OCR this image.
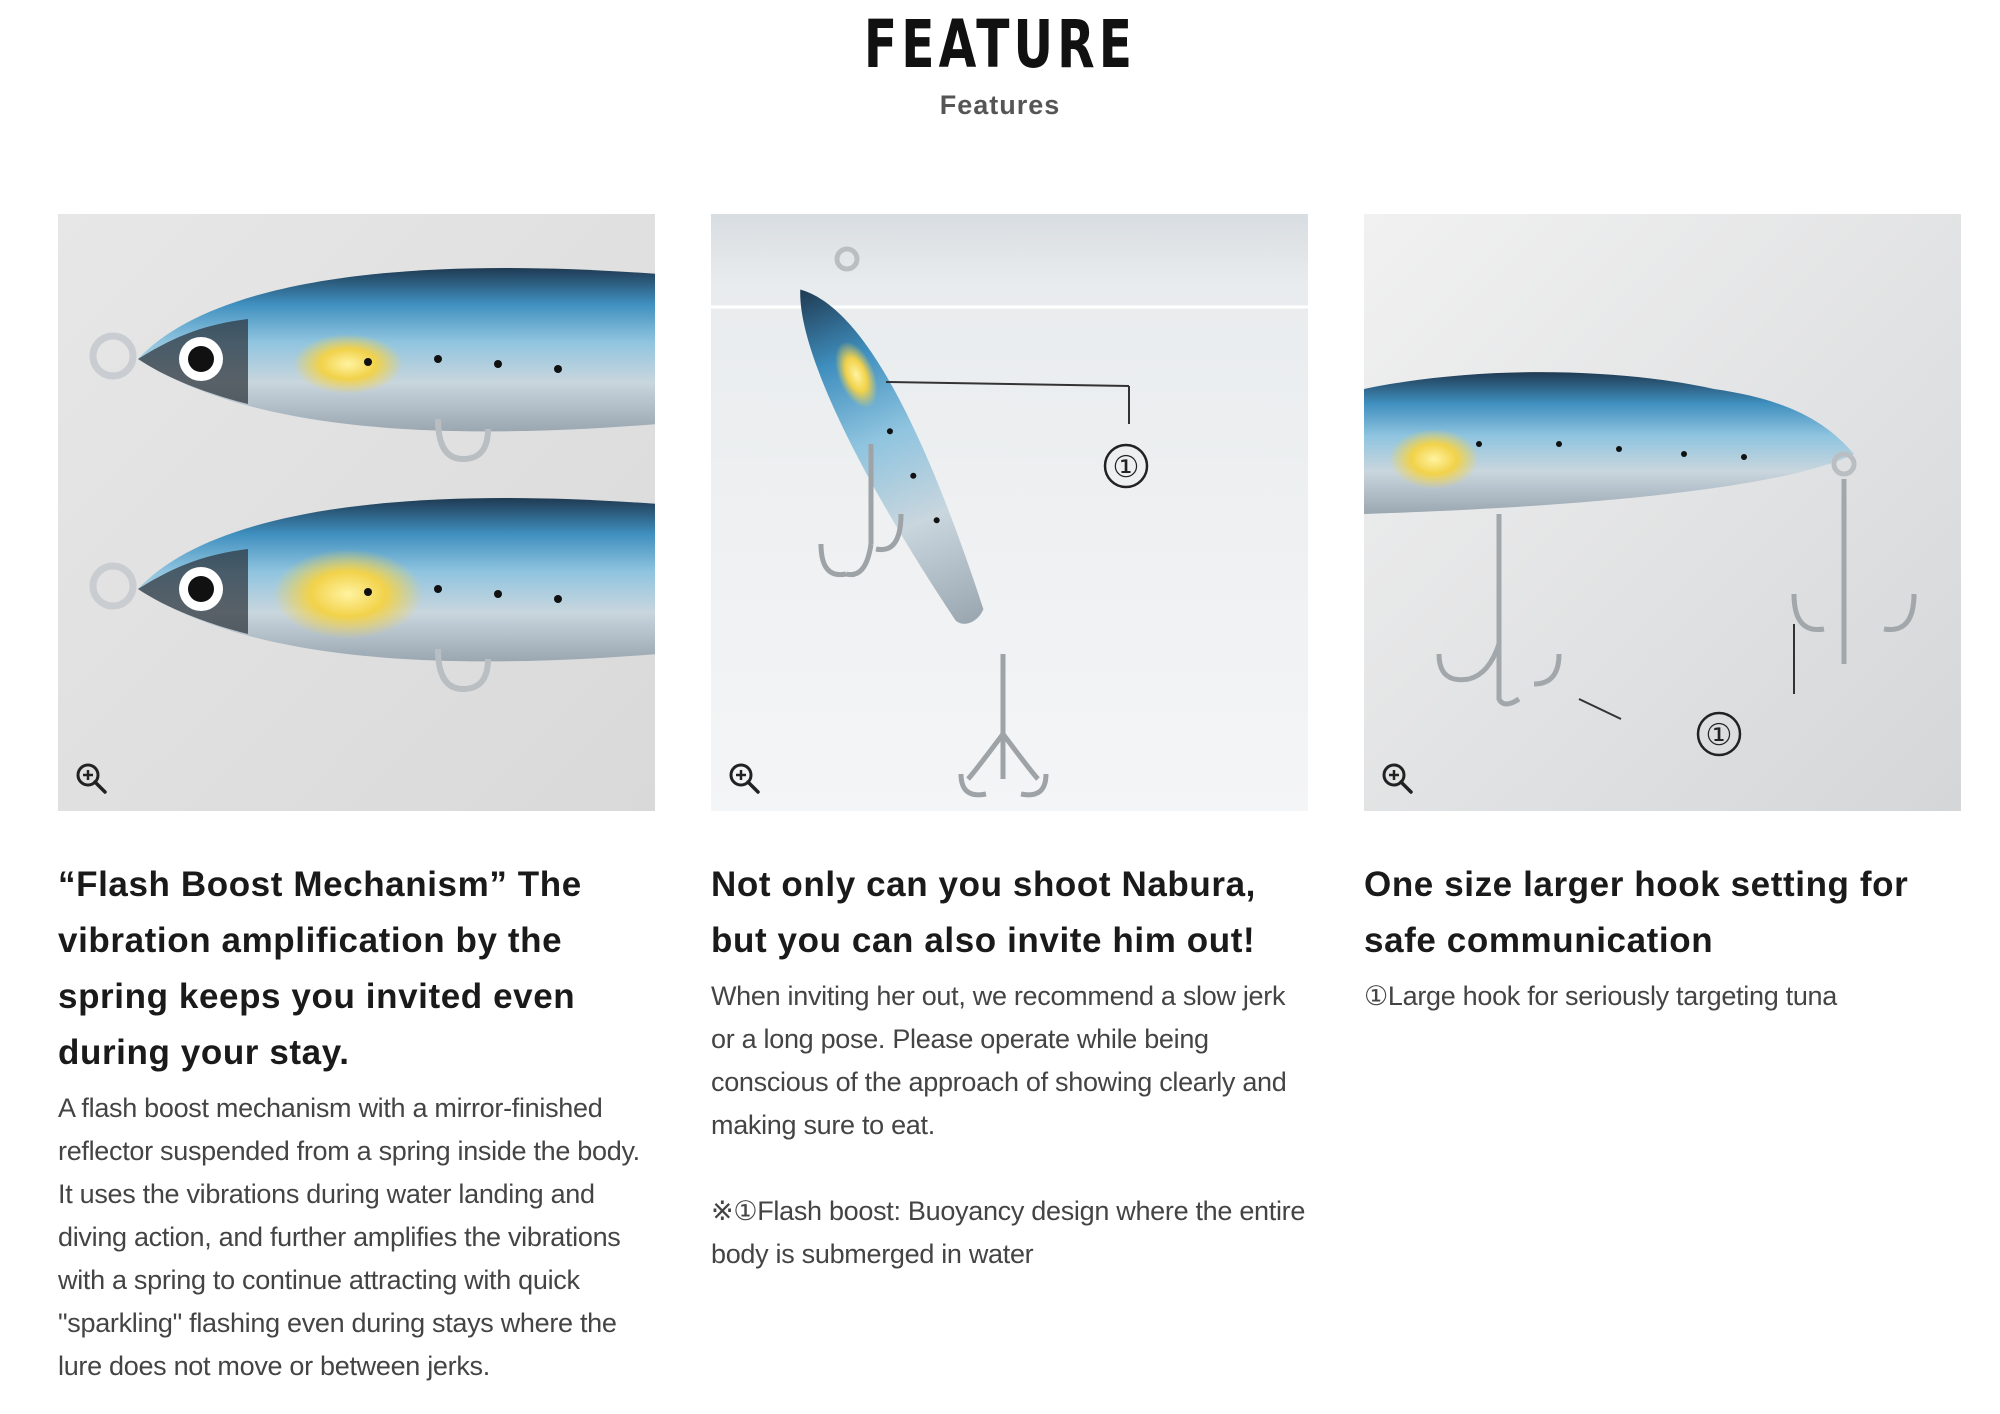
FEATURE
Features
“Flash Boost Mechanism” The vibration amplification by the spring keeps you invited even during your stay.
A flash boost mechanism with a mirror-finished reflector suspended from a spring inside the body. It uses the vibrations during water landing and diving action, and further amplifies the vibrations with a spring to continue attracting with quick "sparkling" flashing even during stays where the lure does not move or between jerks.
①
Not only can you shoot Nabura, but you can also invite him out!
When inviting her out, we recommend a slow jerk or a long pose. Please operate while being conscious of the approach of showing clearly and making sure to eat.
※①Flash boost: Buoyancy design where the entire body is submerged in water
①
One size larger hook setting for safe communication
①Large hook for seriously targeting tuna
